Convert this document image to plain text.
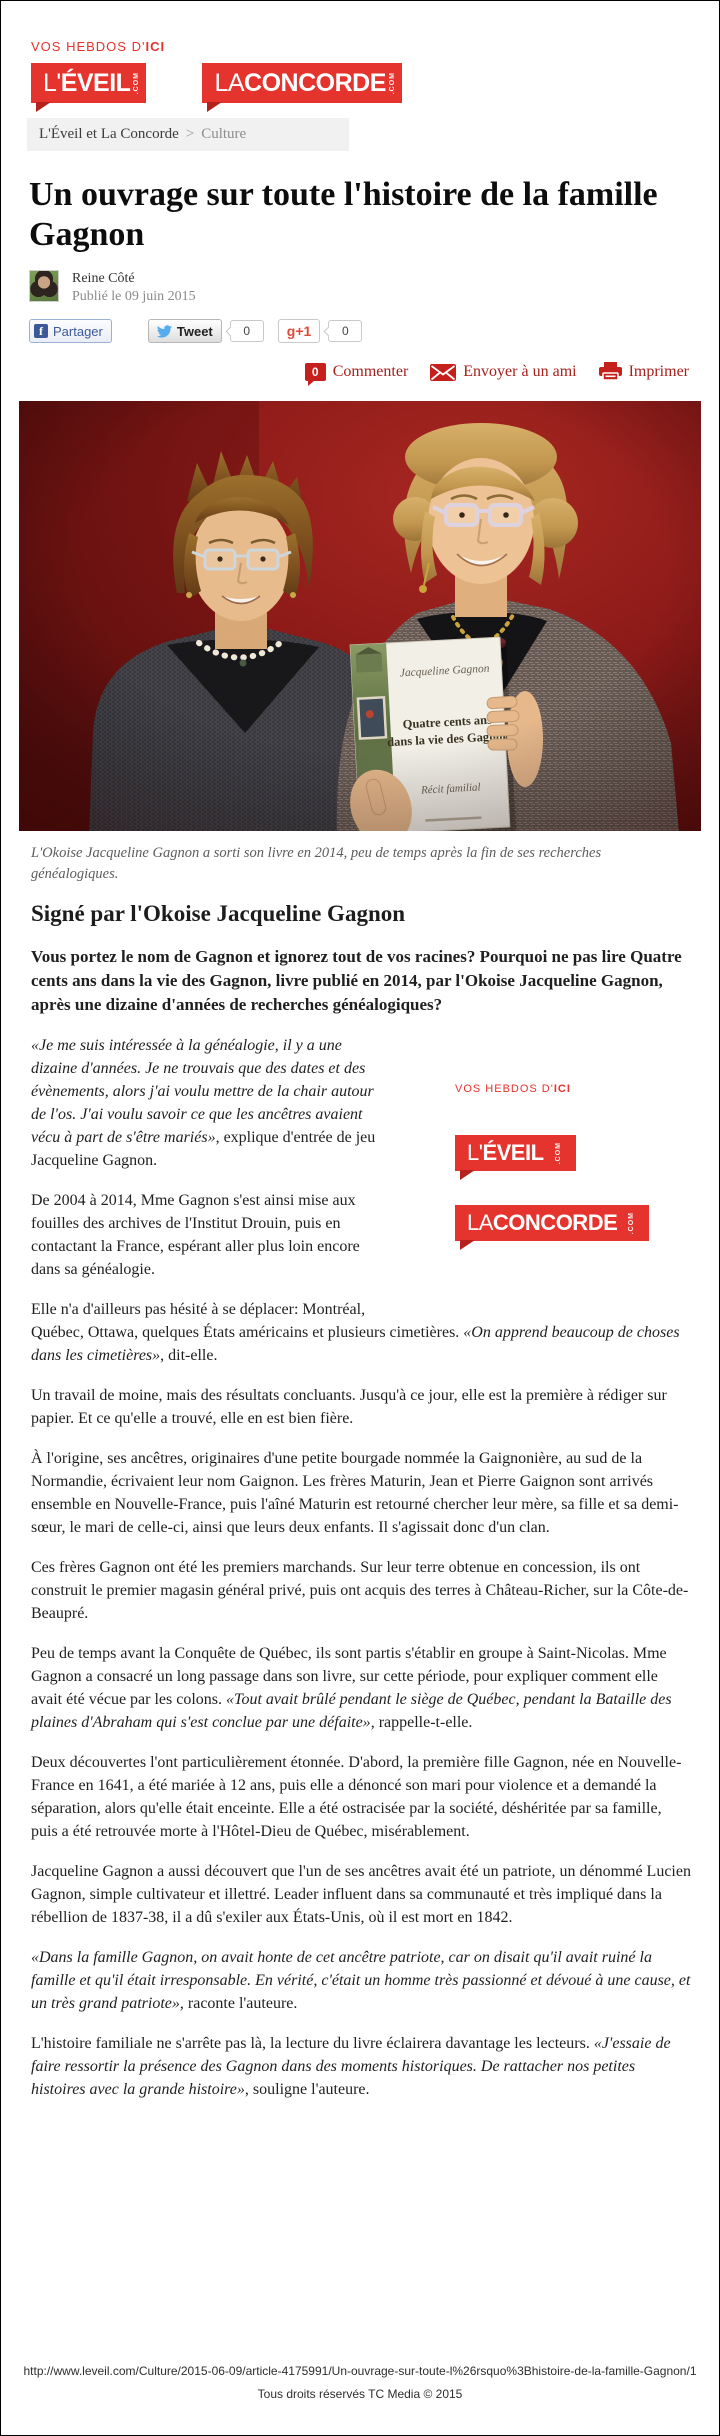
VOS HEBDOS D'ICI
L'ÉVEIL .COM	LACONCORDE .COM
L'Éveil et La Concorde > Culture
Un ouvrage sur toute l'histoire de la famille Gagnon
Reine Côté
Publié le 09 juin 2015
f Partager	Tweet	0	g +1	0
0 Commenter	Envoyer à un ami	Imprimer
L'Okoise Jacqueline Gagnon a sorti son livre en 2014, peu de temps après la fin de ses recherches généalogiques.
Signé par l'Okoise Jacqueline Gagnon

Vous portez le nom de Gagnon et ignorez tout de vos racines? Pourquoi ne pas lire Quatre cents ans dans la vie des Gagnon, livre publié en 2014, par l'Okoise Jacqueline Gagnon, après une dizaine d'années de recherches généalogiques?

VOS HEBDOS D'ICI
L'ÉVEIL	.COM
LACONCORDE	.COM

«Je me suis intéressée à la généalogie, il y a une dizaine d'années. Je ne trouvais que des dates et des évènements, alors j'ai voulu mettre de la chair autour de l'os. J'ai voulu savoir ce que les ancêtres avaient vécu à part de s'être mariés», explique d'entrée de jeu Jacqueline Gagnon.

De 2004 à 2014, Mme Gagnon s'est ainsi mise aux fouilles des archives de l'Institut Drouin, puis en contactant la France, espérant aller plus loin encore dans sa généalogie.

Elle n'a d'ailleurs pas hésité à se déplacer: Montréal, Québec, Ottawa, quelques États américains et plusieurs cimetières. «On apprend beaucoup de choses dans les cimetières», dit-elle.

Un travail de moine, mais des résultats concluants. Jusqu'à ce jour, elle est la première à rédiger sur papier. Et ce qu'elle a trouvé, elle en est bien fière.

À l'origine, ses ancêtres, originaires d'une petite bourgade nommée la Gaignonière, au sud de la Normandie, écrivaient leur nom Gaignon. Les frères Maturin, Jean et Pierre Gaignon sont arrivés ensemble en Nouvelle-France, puis l'aîné Maturin est retourné chercher leur mère, sa fille et sa demi-sœur, le mari de celle-ci, ainsi que leurs deux enfants. Il s'agissait donc d'un clan.

Ces frères Gagnon ont été les premiers marchands. Sur leur terre obtenue en concession, ils ont construit le premier magasin général privé, puis ont acquis des terres à Château-Richer, sur la Côte-de-Beaupré.

Peu de temps avant la Conquête de Québec, ils sont partis s'établir en groupe à Saint-Nicolas. Mme Gagnon a consacré un long passage dans son livre, sur cette période, pour expliquer comment elle avait été vécue par les colons. «Tout avait brûlé pendant le siège de Québec, pendant la Bataille des plaines d'Abraham qui s'est conclue par une défaite», rappelle-t-elle.

Deux découvertes l'ont particulièrement étonnée. D'abord, la première fille Gagnon, née en Nouvelle-France en 1641, a été mariée à 12 ans, puis elle a dénoncé son mari pour violence et a demandé la séparation, alors qu'elle était enceinte. Elle a été ostracisée par la société, déshéritée par sa famille, puis a été retrouvée morte à l'Hôtel-Dieu de Québec, misérablement.

Jacqueline Gagnon a aussi découvert que l'un de ses ancêtres avait été un patriote, un dénommé Lucien Gagnon, simple cultivateur et illettré. Leader influent dans sa communauté et très impliqué dans la rébellion de 1837-38, il a dû s'exiler aux États-Unis, où il est mort en 1842.

«Dans la famille Gagnon, on avait honte de cet ancêtre patriote, car on disait qu'il avait ruiné la famille et qu'il était irresponsable. En vérité, c'était un homme très passionné et dévoué à une cause, et un très grand patriote», raconte l'auteure.

L'histoire familiale ne s'arrête pas là, la lecture du livre éclairera davantage les lecteurs. «J'essaie de faire ressortir la présence des Gagnon dans des moments historiques. De rattacher nos petites histoires avec la grande histoire», souligne l'auteure.

http://www.leveil.com/Culture/2015-06-09/article-4175991/Un-ouvrage-sur-toute-l%26rsquo%3Bhistoire-de-la-famille-Gagnon/1
Tous droits réservés TC Media © 2015
